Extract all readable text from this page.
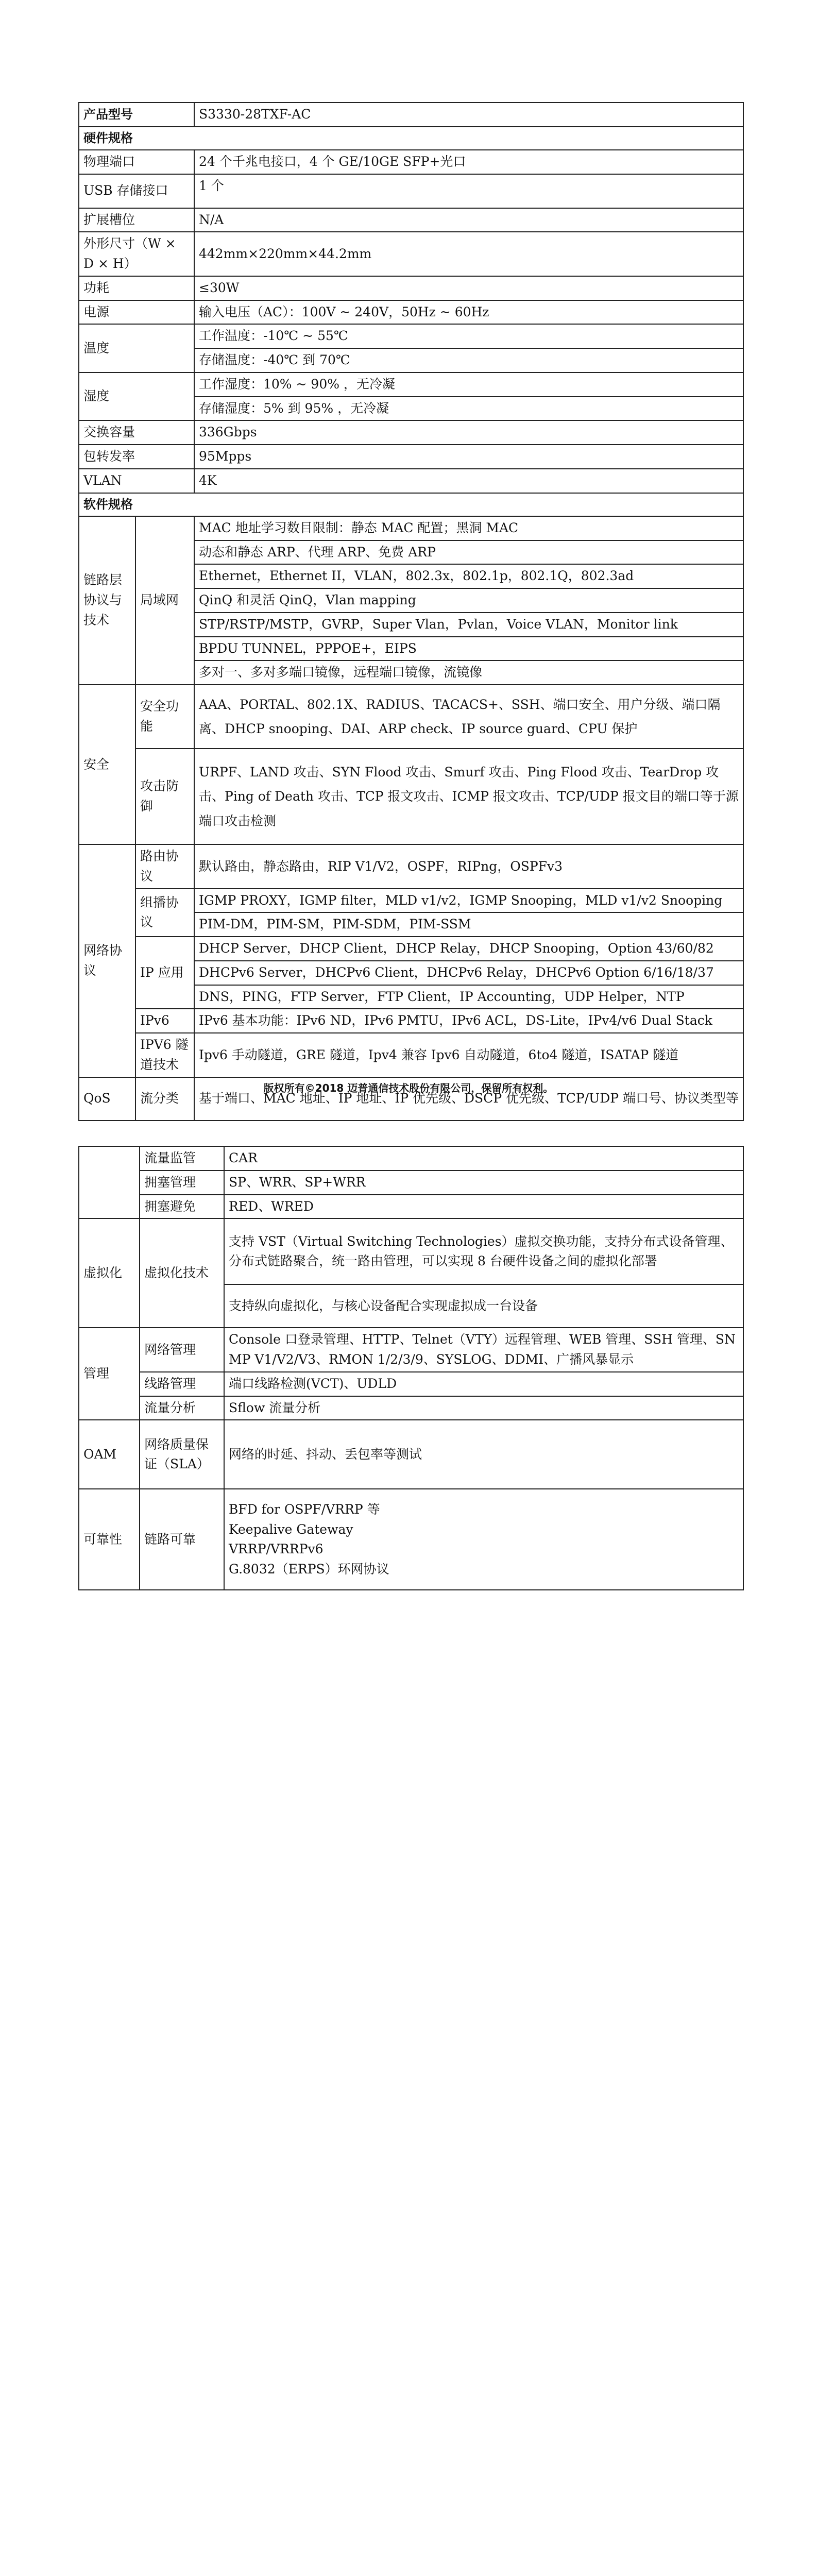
产品型号		S3330-28TXF-AC
硬件规格		
物理端口		24 个千兆电接口，4 个 GE/10GE SFP+光口
USB 存储接口		1 个
扩展槽位		N/A
外形尺寸（W × D × H）		442mm×220mm×44.2mm
功耗		≤30W
电源		输入电压（AC）：100V ~ 240V，50Hz ~ 60Hz
温度		工作温度：-10℃ ~ 55℃
		存储温度：-40℃ 到 70℃
湿度		工作湿度：10% ~ 90% ，无冷凝
		存储湿度：5% 到 95% ，无冷凝
交换容量		336Gbps
包转发率		95Mpps
VLAN		4K
软件规格		
链路层协议与技术	局域网	MAC 地址学习数目限制：静态 MAC 配置；黑洞 MAC
		动态和静态 ARP、代理 ARP、免费 ARP
		Ethernet，Ethernet II，VLAN，802.3x，802.1p，802.1Q，802.3ad
		QinQ 和灵活 QinQ，Vlan mapping
		STP/RSTP/MSTP，GVRP，Super Vlan，Pvlan，Voice VLAN，Monitor link
		BPDU TUNNEL，PPPOE+，EIPS
		多对一、多对多端口镜像，远程端口镜像，流镜像
安全	安全功能	AAA、PORTAL、802.1X、RADIUS、TACACS+、SSH、端口安全、用户分级、端口隔离、DHCP snooping、DAI、ARP check、IP source guard、CPU 保护
	攻击防御	URPF、LAND 攻击、SYN Flood 攻击、Smurf 攻击、Ping Flood 攻击、TearDrop 攻击、Ping of Death 攻击、TCP 报文攻击、ICMP 报文攻击、TCP/UDP 报文目的端口等于源端口攻击检测
网络协议	路由协议	默认路由，静态路由，RIP V1/V2，OSPF，RIPng，OSPFv3
	组播协议	IGMP PROXY，IGMP filter，MLD v1/v2，IGMP Snooping，MLD v1/v2 Snooping
		PIM-DM，PIM-SM，PIM-SDM，PIM-SSM
	IP 应用	DHCP Server，DHCP Client，DHCP Relay，DHCP Snooping，Option 43/60/82
		DHCPv6 Server，DHCPv6 Client，DHCPv6 Relay，DHCPv6 Option 6/16/18/37
		DNS，PING，FTP Server，FTP Client，IP Accounting，UDP Helper，NTP
	IPv6	IPv6 基本功能：IPv6 ND，IPv6 PMTU，IPv6 ACL，DS-Lite，IPv4/v6 Dual Stack
	IPV6 隧道技术	Ipv6 手动隧道，GRE 隧道，Ipv4 兼容 Ipv6 自动隧道，6to4 隧道，ISATAP 隧道

QoS	流分类	基于端口、MAC 地址、IP 地址、IP 优先级、DSCP 优先级、TCP/UDP 端口号、协议类型等
版权所有©2018 迈普通信技术股份有限公司，保留所有权利。
	流量监管	CAR
	拥塞管理	SP、WRR、SP+WRR
	拥塞避免	RED、WRED
虚拟化	虚拟化技术	支持 VST（Virtual Switching Technologies）虚拟交换功能，支持分布式设备管理、分布式链路聚合，统一路由管理，可以实现 8 台硬件设备之间的虚拟化部署
		支持纵向虚拟化，与核心设备配合实现虚拟成一台设备
管理	网络管理	Console 口登录管理、HTTP、Telnet（VTY）远程管理、WEB 管理、SSH 管理、SNMP V1/V2/V3、RMON 1/2/3/9、SYSLOG、DDMI、广播风暴显示
	线路管理	端口线路检测(VCT)、UDLD
	流量分析	Sflow 流量分析
OAM	网络质量保证（SLA）	网络的时延、抖动、丢包率等测试
可靠性	链路可靠	BFD for OSPF/VRRP 等
Keepalive Gateway
VRRP/VRRPv6
G.8032（ERPS）环网协议
